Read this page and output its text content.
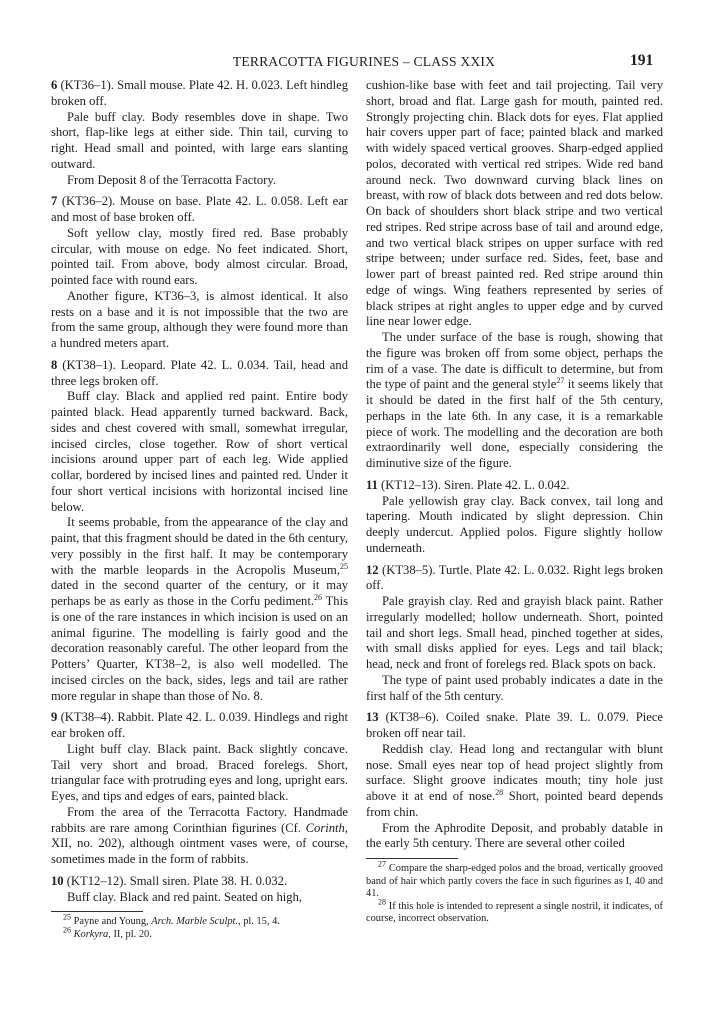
TERRACOTTA FIGURINES – CLASS XXIX	191

6 (KT36–1). Small mouse. Plate 42. H. 0.023. Left hindleg broken off.

Pale buff clay. Body resembles dove in shape. Two short, flap-like legs at either side. Thin tail, curving to right. Head small and pointed, with large ears slanting outward.

From Deposit 8 of the Terracotta Factory.

7 (KT36–2). Mouse on base. Plate 42. L. 0.058. Left ear and most of base broken off.

Soft yellow clay, mostly fired red. Base probably circular, with mouse on edge. No feet indicated. Short, pointed tail. From above, body almost circular. Broad, pointed face with round ears.

Another figure, KT36–3, is almost identical. It also rests on a base and it is not impossible that the two are from the same group, although they were found more than a hundred meters apart.

8 (KT38–1). Leopard. Plate 42. L. 0.034. Tail, head and three legs broken off.

Buff clay. Black and applied red paint. Entire body painted black. Head apparently turned backward. Back, sides and chest covered with small, somewhat irregular, incised circles, close together. Row of short vertical incisions around upper part of each leg. Wide applied collar, bordered by incised lines and painted red. Under it four short vertical incisions with horizontal incised line below.

It seems probable, from the appearance of the clay and paint, that this fragment should be dated in the 6th century, very possibly in the first half. It may be contemporary with the marble leopards in the Acropolis Museum,$^{25}$ dated in the second quarter of the century, or it may perhaps be as early as those in the Corfu pediment.$^{26}$ This is one of the rare instances in which incision is used on an animal figurine. The modelling is fairly good and the decoration reasonably careful. The other leopard from the Potters’ Quarter, KT38–2, is also well modelled. The incised circles on the back, sides, legs and tail are rather more regular in shape than those of No. 8.

9 (KT38–4). Rabbit. Plate 42. L. 0.039. Hindlegs and right ear broken off.

Light buff clay. Black paint. Back slightly concave. Tail very short and broad. Braced forelegs. Short, triangular face with protruding eyes and long, upright ears. Eyes, and tips and edges of ears, painted black.

From the area of the Terracotta Factory. Handmade rabbits are rare among Corinthian figurines (Cf. Corinth, XII, no. 202), although ointment vases were, of course, sometimes made in the form of rabbits.

10 (KT12–12). Small siren. Plate 38. H. 0.032.

Buff clay. Black and red paint. Seated on high,

$^{25}$ Payne and Young, Arch. Marble Sculpt., pl. 15, 4.

$^{26}$ Korkyra, II, pl. 20.

cushion-like base with feet and tail projecting. Tail very short, broad and flat. Large gash for mouth, painted red. Strongly projecting chin. Black dots for eyes. Flat applied hair covers upper part of face; painted black and marked with widely spaced vertical grooves. Sharp-edged applied polos, decorated with vertical red stripes. Wide red band around neck. Two downward curving black lines on breast, with row of black dots between and red dots below. On back of shoulders short black stripe and two vertical red stripes. Red stripe across base of tail and around edge, and two vertical black stripes on upper surface with red stripe between; under surface red. Sides, feet, base and lower part of breast painted red. Red stripe around thin edge of wings. Wing feathers represented by series of black stripes at right angles to upper edge and by curved line near lower edge.

The under surface of the base is rough, showing that the figure was broken off from some object, perhaps the rim of a vase. The date is difficult to determine, but from the type of paint and the general style$^{27}$ it seems likely that it should be dated in the first half of the 5th century, perhaps in the late 6th. In any case, it is a remarkable piece of work. The modelling and the decoration are both extraordinarily well done, especially considering the diminutive size of the figure.

11 (KT12–13). Siren. Plate 42. L. 0.042.

Pale yellowish gray clay. Back convex, tail long and tapering. Mouth indicated by slight depression. Chin deeply undercut. Applied polos. Figure slightly hollow underneath.

12 (KT38–5). Turtle. Plate 42. L. 0.032. Right legs broken off.

Pale grayish clay. Red and grayish black paint. Rather irregularly modelled; hollow underneath. Short, pointed tail and short legs. Small head, pinched together at sides, with small disks applied for eyes. Legs and tail black; head, neck and front of forelegs red. Black spots on back.

The type of paint used probably indicates a date in the first half of the 5th century.

13 (KT38–6). Coiled snake. Plate 39. L. 0.079. Piece broken off near tail.

Reddish clay. Head long and rectangular with blunt nose. Small eyes near top of head project slightly from surface. Slight groove indicates mouth; tiny hole just above it at end of nose.$^{28}$ Short, pointed beard depends from chin.

From the Aphrodite Deposit, and probably datable in the early 5th century. There are several other coiled

$^{27}$ Compare the sharp-edged polos and the broad, vertically grooved band of hair which partly covers the face in such figurines as I, 40 and 41.

$^{28}$ If this hole is intended to represent a single nostril, it indicates, of course, incorrect observation.
